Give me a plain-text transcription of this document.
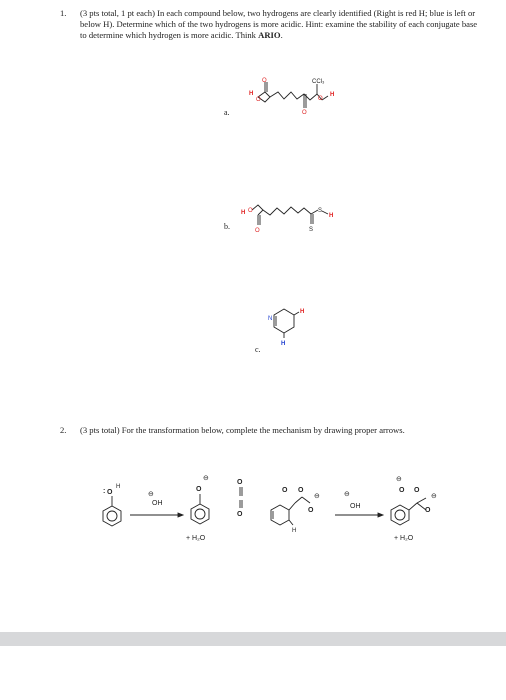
1. (3 pts total, 1 pt each) In each compound below, two hydrogens are clearly identified (Right is red H; blue is left or below H). Determine which of the two hydrogens is more acidic. Hint: examine the stability of each conjugate base to determine which hydrogen is more acidic. Think ARIO.
a.
b.
c.
2. (3 pts total) For the transformation below, complete the mechanism by drawing proper arrows.
H
O
O
O
CCl₃
O
H
H O
O
S
S
H
N
H
H
: O
H
⊖
OH
⊖
O
+ H₂O
O
O
O O
O
⊖
H
⊖
OH
⊖
O O
O
⊖
+ H₂O
